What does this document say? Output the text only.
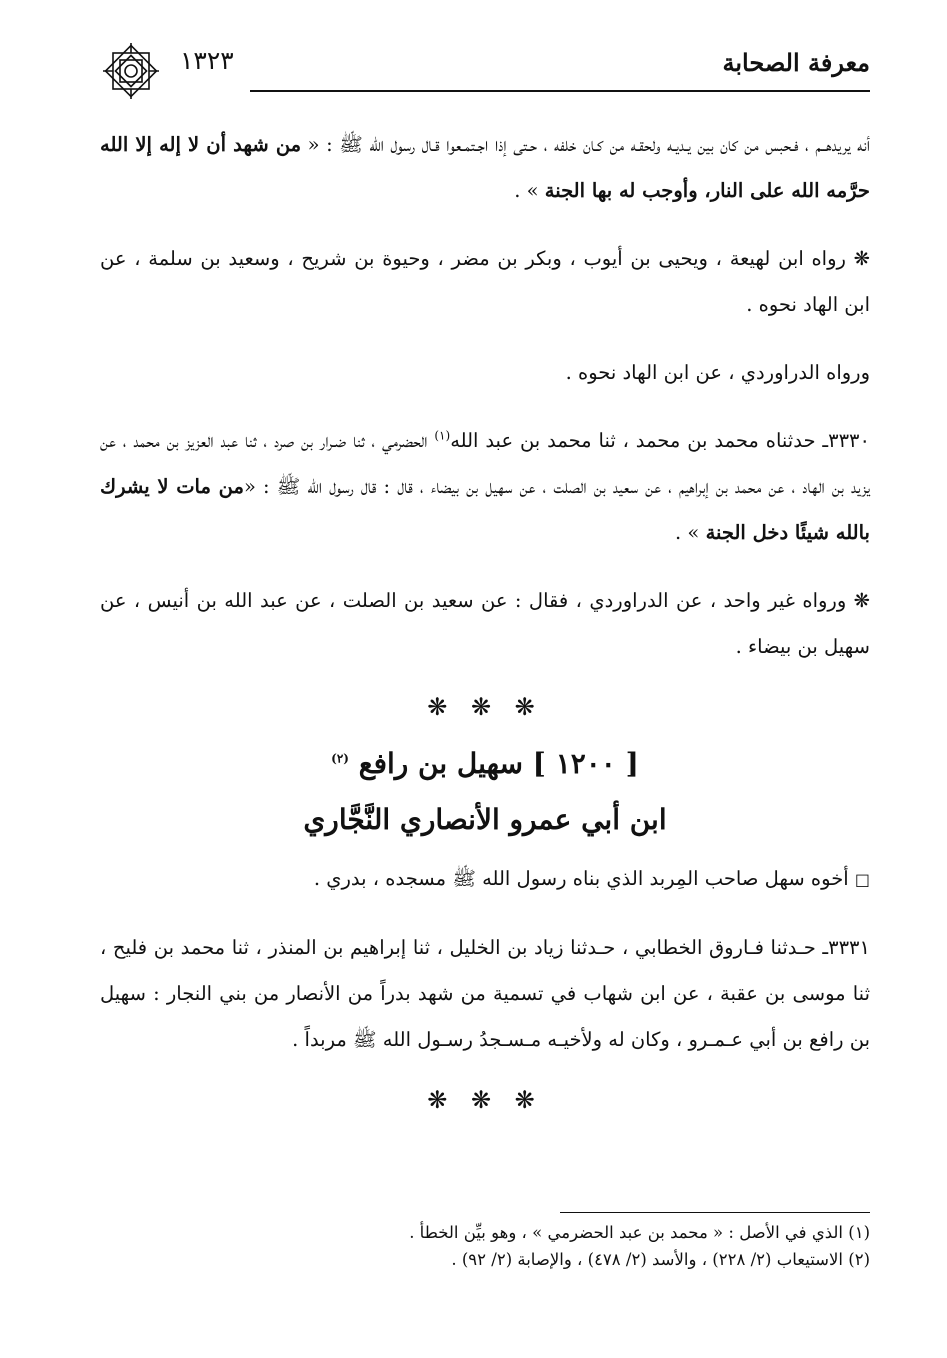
١٣٢٣	معرفة الصحابة

أنه يريدهــم ، فـحبس من كان بين يـديـه ولحقـه من كـان خلفه ، حـتى إذا اجـتمـعوا قـال رسول الله ﷺ : « من شهد أن لا إله إلا الله حرَّمه الله على النار، وأوجب له بها الجنة » .

❋ رواه ابن لهيعة ، ويحيى بن أيوب ، وبكر بن مضر ، وحيوة بن شريح ، وسعيد بن سلمة ، عن ابن الهاد نحوه .

ورواه الدراوردي ، عن ابن الهاد نحوه .

٣٣٣٠ـ حدثناه محمد بن محمد ، ثنا محمد بن عبد الله$^{(١)}$ الحضرمي ، ثنا ضـرار بن صرد ، ثنا عبد العزيز بن محمد ، عن يزيد بن الهاد ، عن محمد بن إبراهيم ، عن سعيد بن الصلت ، عن سهيل بن بيضاء ، قال : قال رسول الله ﷺ : «من مات لا يشرك بالله شيئًا دخل الجنة » .

❋ ورواه غير واحد ، عن الدراوردي ، فقال : عن سعيد بن الصلت ، عن عبد الله بن أنيس ، عن سهيل بن بيضاء .

❋ ❋ ❋

[ ١٢٠٠ ] سهيل بن رافع $^{(٢)}$

ابن أبي عمرو الأنصاري النَّجَّاري

□ أخوه سهل صاحب المِربد الذي بناه رسول الله ﷺ مسجده ، بدري .

٣٣٣١ـ حـدثنا فـاروق الخطابي ، حـدثنا زياد بن الخليل ، ثنا إبراهيم بن المنذر ، ثنا محمد بن فليح ، ثنا موسى بن عقبة ، عن ابن شهاب في تسمية من شهد بدراً من الأنصار من بني النجار : سهيل بن رافع بن أبي عـمـرو ، وكان له ولأخيـه مـسـجدُ رسـول الله ﷺ مربداً .

❋ ❋ ❋

(١) الذي في الأصل : « محمد بن عبد الحضرمي » ، وهو بيِّن الخطأ .
(٢) الاستيعاب (٢/ ٢٢٨) ، والأسد (٢/ ٤٧٨) ، والإصابة (٢/ ٩٢) .
